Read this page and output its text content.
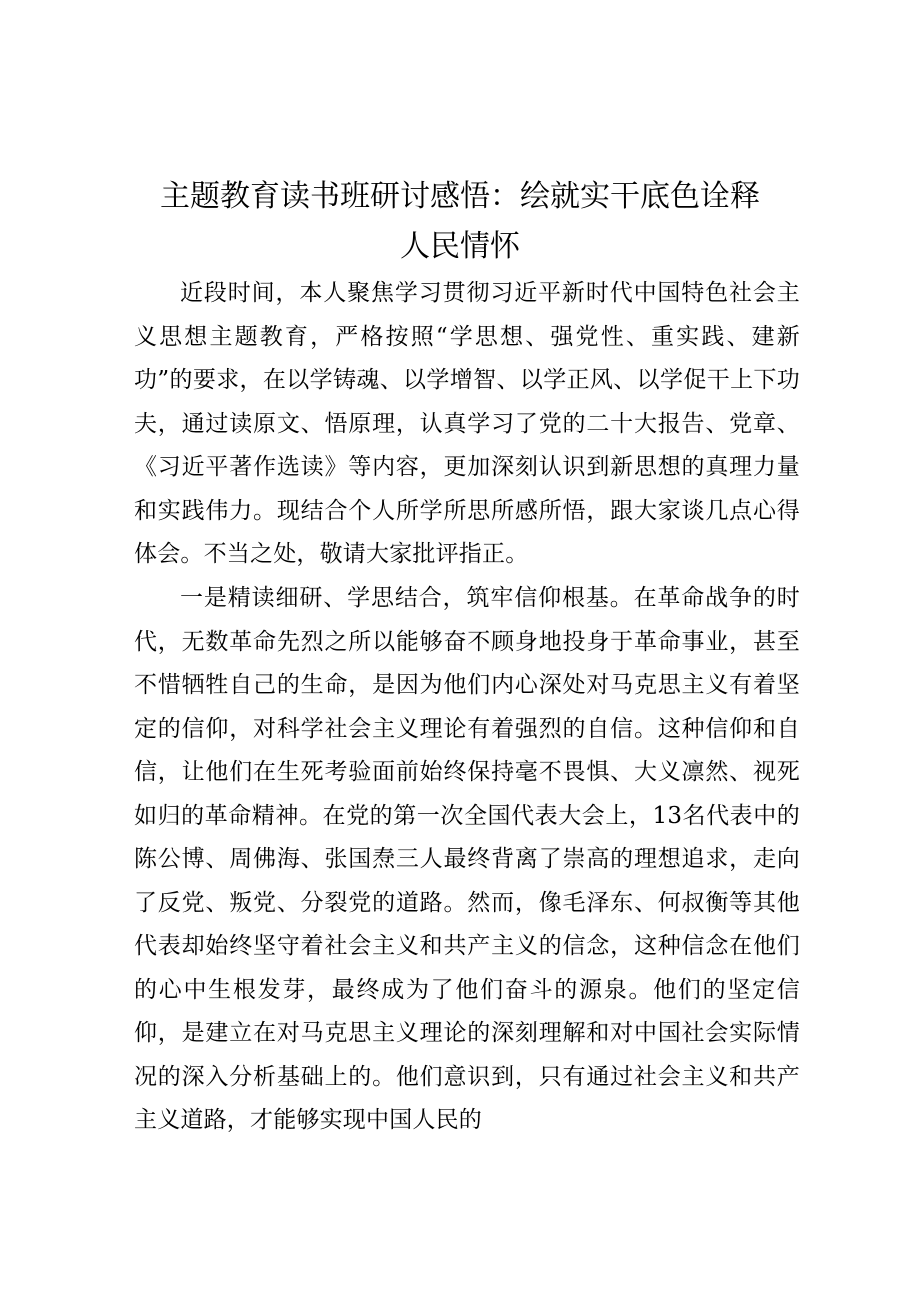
主题教育读书班研讨感悟：绘就实干底色诠释
人民情怀

近段时间，本人聚焦学习贯彻习近平新时代中国特色社会主义思想主题教育，严格按照“学思想、强党性、重实践、建新功”的要求，在以学铸魂、以学增智、以学正风、以学促干上下功夫，通过读原文、悟原理，认真学习了党的二十大报告、党章、《习近平著作选读》等内容，更加深刻认识到新思想的真理力量和实践伟力。现结合个人所学所思所感所悟，跟大家谈几点心得体会。不当之处，敬请大家批评指正。

一是精读细研、学思结合，筑牢信仰根基。在革命战争的时代，无数革命先烈之所以能够奋不顾身地投身于革命事业，甚至不惜牺牲自己的生命，是因为他们内心深处对马克思主义有着坚定的信仰，对科学社会主义理论有着强烈的自信。这种信仰和自信，让他们在生死考验面前始终保持毫不畏惧、大义凛然、视死如归的革命精神。在党的第一次全国代表大会上，13名代表中的陈公博、周佛海、张国焘三人最终背离了崇高的理想追求，走向了反党、叛党、分裂党的道路。然而，像毛泽东、何叔衡等其他代表却始终坚守着社会主义和共产主义的信念，这种信念在他们的心中生根发芽，最终成为了他们奋斗的源泉。他们的坚定信仰，是建立在对马克思主义理论的深刻理解和对中国社会实际情况的深入分析基础上的。他们意识到，只有通过社会主义和共产主义道路，才能够实现中国人民的
